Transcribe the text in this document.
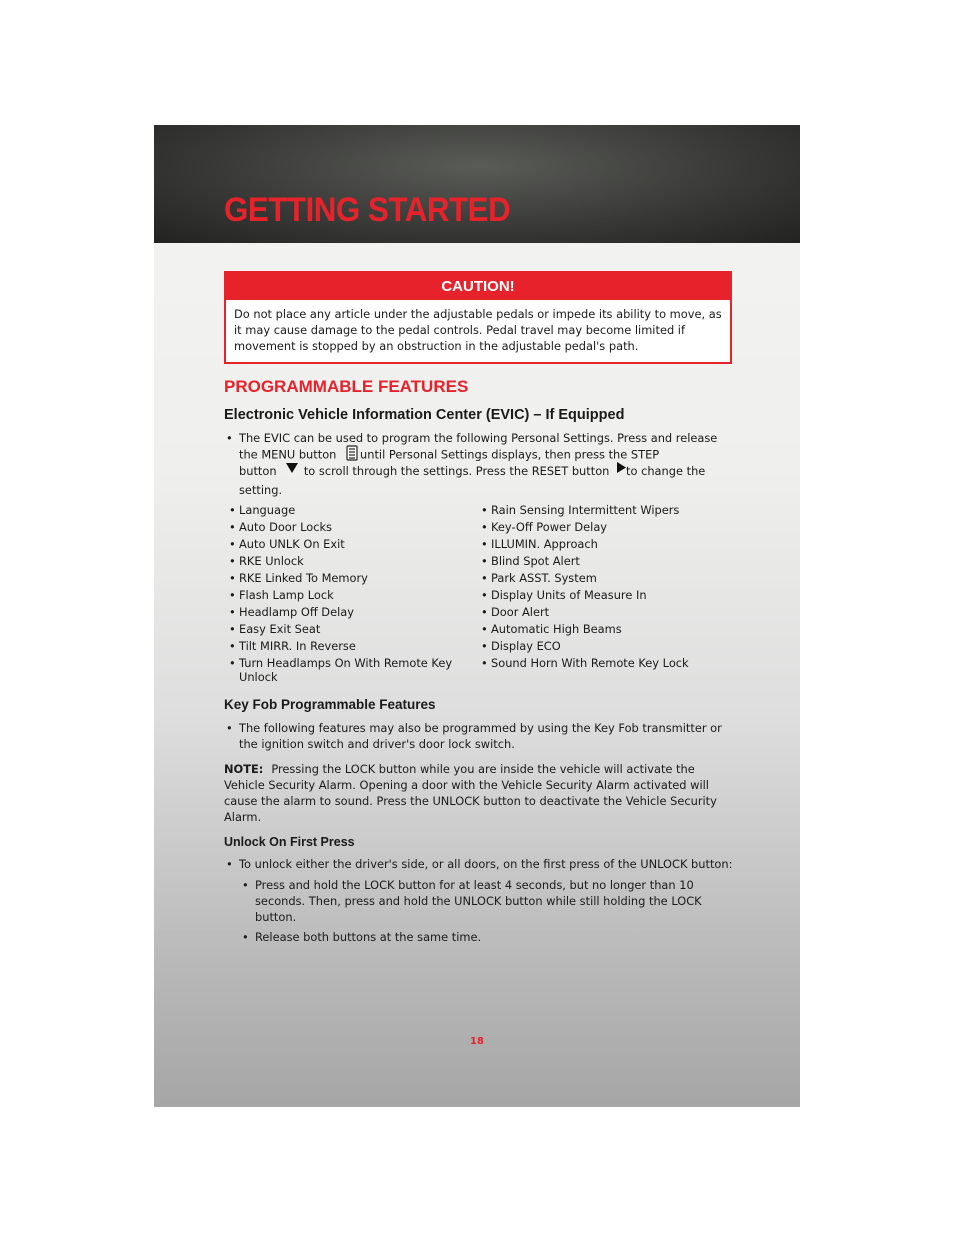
GETTING STARTED
CAUTION!
Do not place any article under the adjustable pedals or impede its ability to move, as it may cause damage to the pedal controls. Pedal travel may become limited if movement is stopped by an obstruction in the adjustable pedal's path.
PROGRAMMABLE FEATURES
Electronic Vehicle Information Center (EVIC) – If Equipped
• The EVIC can be used to program the following Personal Settings. Press and release
the MENU button until Personal Settings displays, then press the STEP
button to scroll through the settings. Press the RESET button to change the
setting.
• Language
• Auto Door Locks
• Auto UNLK On Exit
• RKE Unlock
• RKE Linked To Memory
• Flash Lamp Lock
• Headlamp Off Delay
• Easy Exit Seat
• Tilt MIRR. In Reverse
• Turn Headlamps On With Remote Key Unlock
• Rain Sensing Intermittent Wipers
• Key-Off Power Delay
• ILLUMIN. Approach
• Blind Spot Alert
• Park ASST. System
• Display Units of Measure In
• Door Alert
• Automatic High Beams
• Display ECO
• Sound Horn With Remote Key Lock
Key Fob Programmable Features
• The following features may also be programmed by using the Key Fob transmitter or the ignition switch and driver's door lock switch.
NOTE: Pressing the LOCK button while you are inside the vehicle will activate the Vehicle Security Alarm. Opening a door with the Vehicle Security Alarm activated will cause the alarm to sound. Press the UNLOCK button to deactivate the Vehicle Security Alarm.
Unlock On First Press
• To unlock either the driver's side, or all doors, on the first press of the UNLOCK button:
• Press and hold the LOCK button for at least 4 seconds, but no longer than 10 seconds. Then, press and hold the UNLOCK button while still holding the LOCK button.
• Release both buttons at the same time.
18
